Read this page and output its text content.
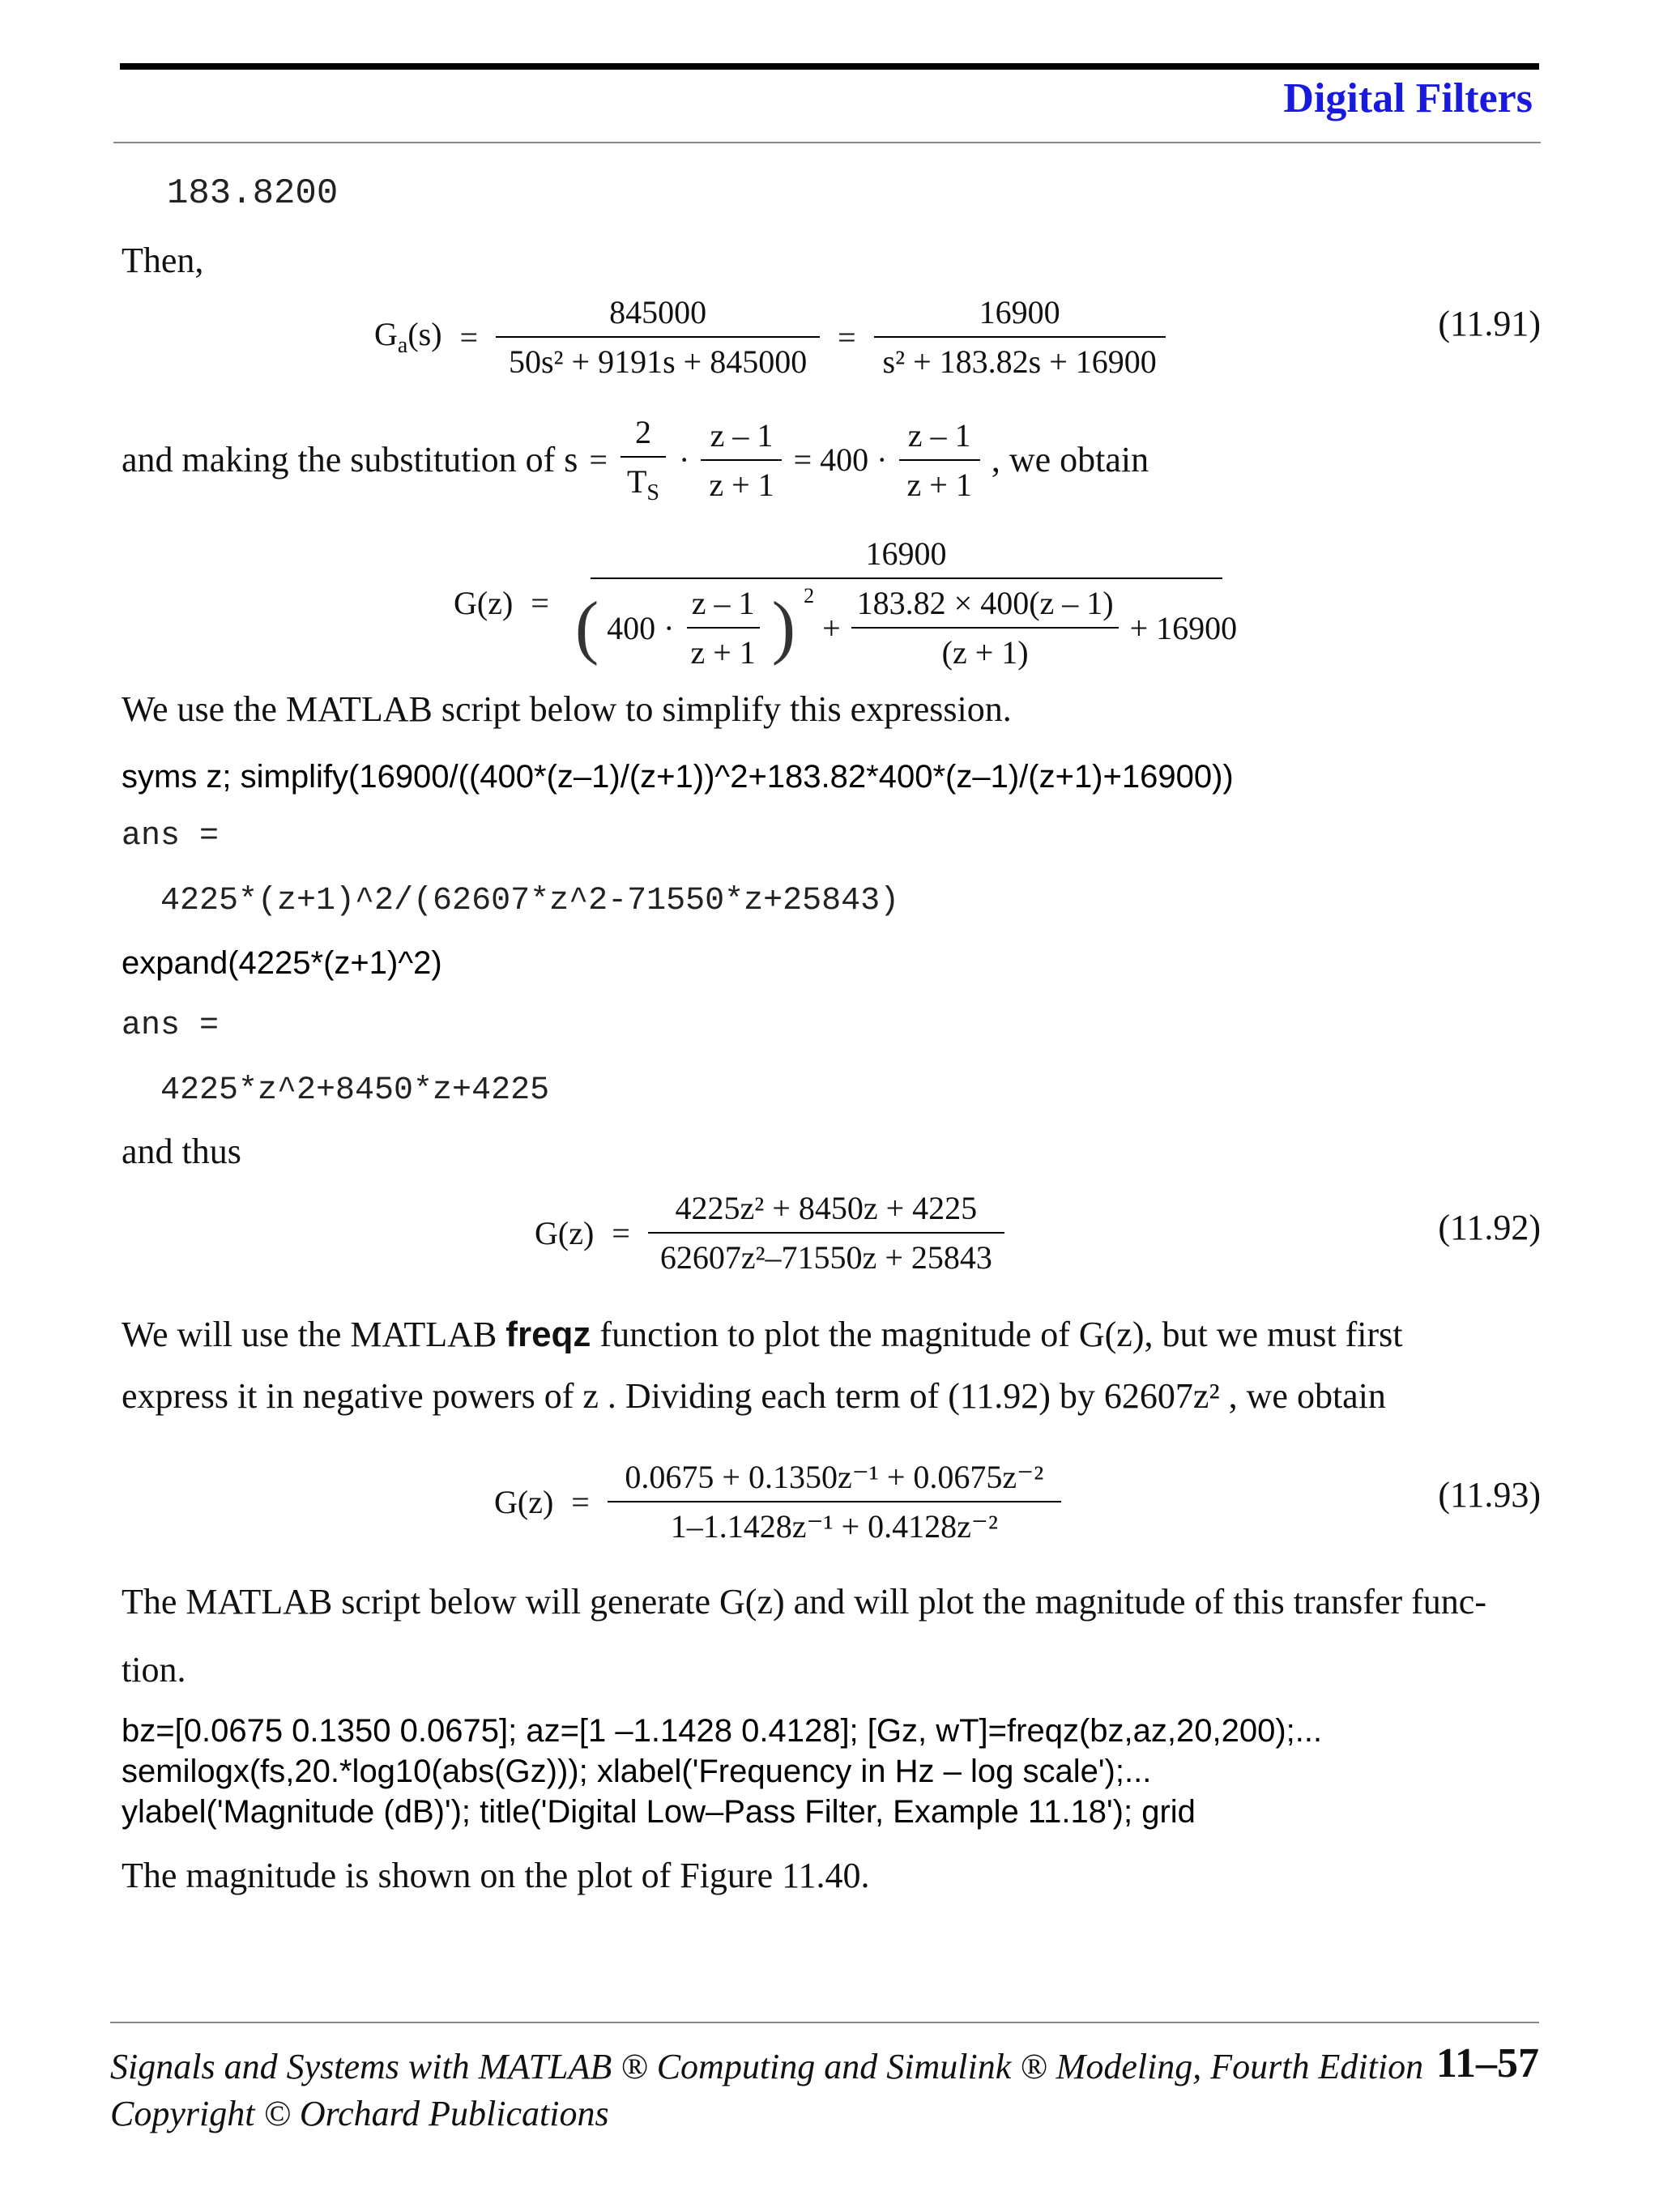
Digital Filters
183.8200
Then,
$G_a(s) = \frac{845000}{\text{50s² + 9191s + 845000}} = \frac{16900}{\text{s² + 183.82s + 16900}}$	(11.91)
and making the substitution of $s = \frac{2}{T_S} \cdot \frac{z - 1}{z + 1} = 400 \cdot \frac{z - 1}{z + 1}$ , we obtain
G(z) =
16900
( $400 \cdot \frac{z - 1}{z + 1}$ ) $^2$
+ $\frac{183.82 \times 400(z - 1)}{(z + 1)} + 16900$
We use the MATLAB script below to simplify this expression.
syms z; simplify(16900/((400*(z–1)/(z+1))^2+183.82*400*(z–1)/(z+1)+16900))
ans =
4225*(z+1)^2/(62607*z^2-71550*z+25843)
expand(4225*(z+1)^2)
ans =
4225*z^2+8450*z+4225
and thus
$G(z) = \frac{\text{4225z² + 8450z + 4225}}{\text{62607z²–71550z + 25843}}$	(11.92)
We will use the MATLAB freqz function to plot the magnitude of G(z), but we must first
express it in negative powers of z . Dividing each term of (11.92) by 62607z² , we obtain
$G(z) = \frac{\text{0.0675 + 0.1350z⁻¹ + 0.0675z⁻²}}{\text{1–1.1428z⁻¹ + 0.4128z⁻²}}$	(11.93)
The MATLAB script below will generate G(z) and will plot the magnitude of this transfer func-
tion.
bz=[0.0675 0.1350 0.0675]; az=[1 –1.1428 0.4128]; [Gz, wT]=freqz(bz,az,20,200);...
semilogx(fs,20.*log10(abs(Gz))); xlabel('Frequency in Hz – log scale');...
ylabel('Magnitude (dB)'); title('Digital Low–Pass Filter, Example 11.18'); grid
The magnitude is shown on the plot of Figure 11.40.
Signals and Systems with MATLAB ® Computing and Simulink ® Modeling, Fourth Edition
Copyright © Orchard Publications
11–57
